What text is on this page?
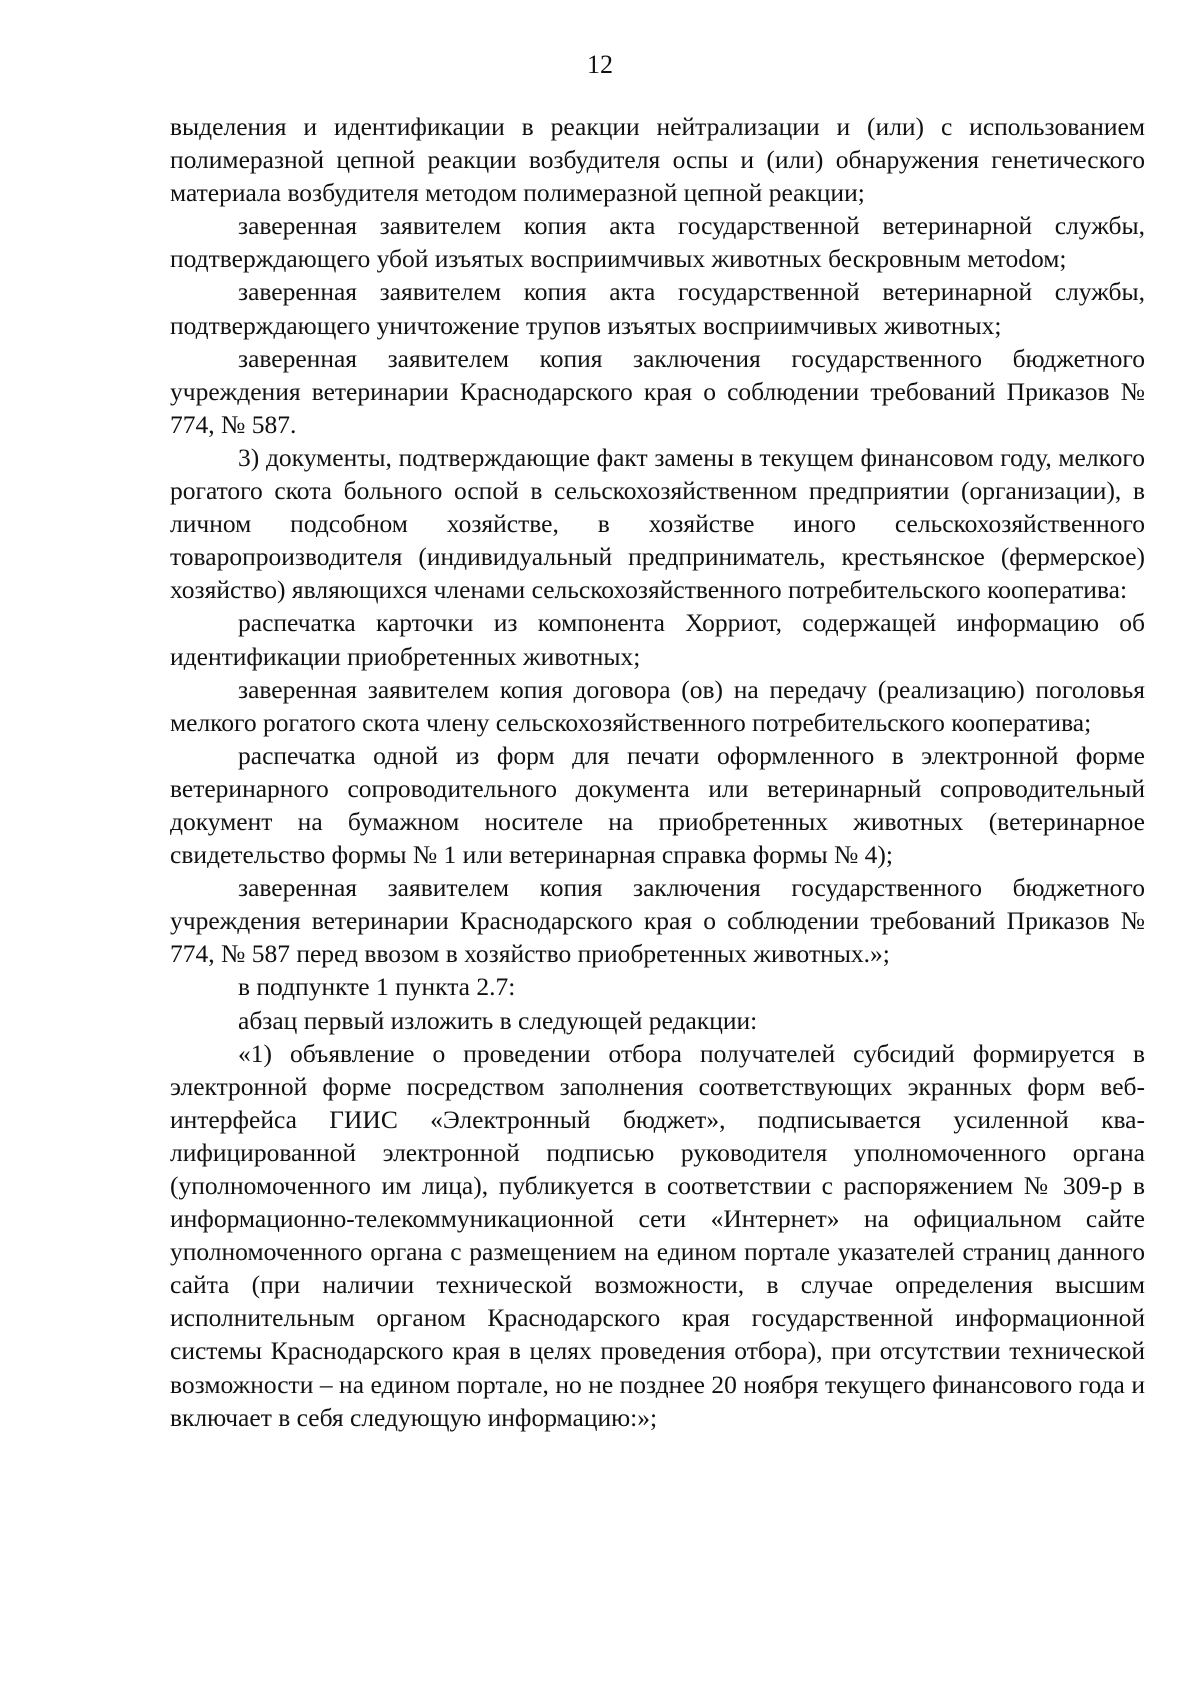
12

выделения и идентификации в реакции нейтрализации и (или) с использованием полимеразной цепной реакции возбудителя оспы и (или) обнаружения генетического материала возбудителя методом полимеразной цепной реакции;

заверенная заявителем копия акта государственной ветеринарной службы, подтверждающего убой изъятых восприимчивых животных бескровным метоdом;

заверенная заявителем копия акта государственной ветеринарной службы, подтверждающего уничтожение трупов изъятых восприимчивых животных;

заверенная заявителем копия заключения государственного бюджетного учреждения ветеринарии Краснодарского края о соблюдении требований Приказов № 774, № 587.

3) документы, подтверждающие факт замены в текущем финансовом году, мелкого рогатого скота больного оспой в сельскохозяйственном предприятии (организации), в личном подсобном хозяйстве, в хозяйстве иного сельскохозяйственного товаропроизводителя (индивидуальный предприниматель, крестьянское (фермерское) хозяйство) являющихся членами сельскохозяйственного потребительского кооператива:

распечатка карточки из компонента Хорриот, содержащей информацию об идентификации приобретенных животных;

заверенная заявителем копия договора (ов) на передачу (реализацию) поголовья мелкого рогатого скота члену сельскохозяйственного потребительского кооператива;

распечатка одной из форм для печати оформленного в электронной форме ветеринарного сопроводительного документа или ветеринарный сопроводительный документ на бумажном носителе на приобретенных животных (ветеринарное свидетельство формы № 1 или ветеринарная справка формы № 4);

заверенная заявителем копия заключения государственного бюджетного учреждения ветеринарии Краснодарского края о соблюдении требований Приказов № 774, № 587 перед ввозом в хозяйство приобретенных животных.»;

в подпункте 1 пункта 2.7:

абзац первый изложить в следующей редакции:

«1) объявление о проведении отбора получателей субсидий формируется в электронной форме посредством заполнения соответствующих экранных форм веб-интерфейса ГИИС «Электронный бюджет», подписывается усиленной квалифицированной электронной подписью руководителя уполномоченного органа (уполномоченного им лица), публикуется в соответствии с распоряжением № 309-р в информационно-телекоммуникационной сети «Интернет» на официальном сайте уполномоченного органа с размещением на едином портале указателей страниц данного сайта (при наличии технической возможности, в случае определения высшим исполнительным органом Краснодарского края государственной информационной системы Краснодарского края в целях проведения отбора), при отсутствии технической возможности – на едином портале, но не позднее 20 ноября текущего финансового года и включает в себя следующую информацию:»;
